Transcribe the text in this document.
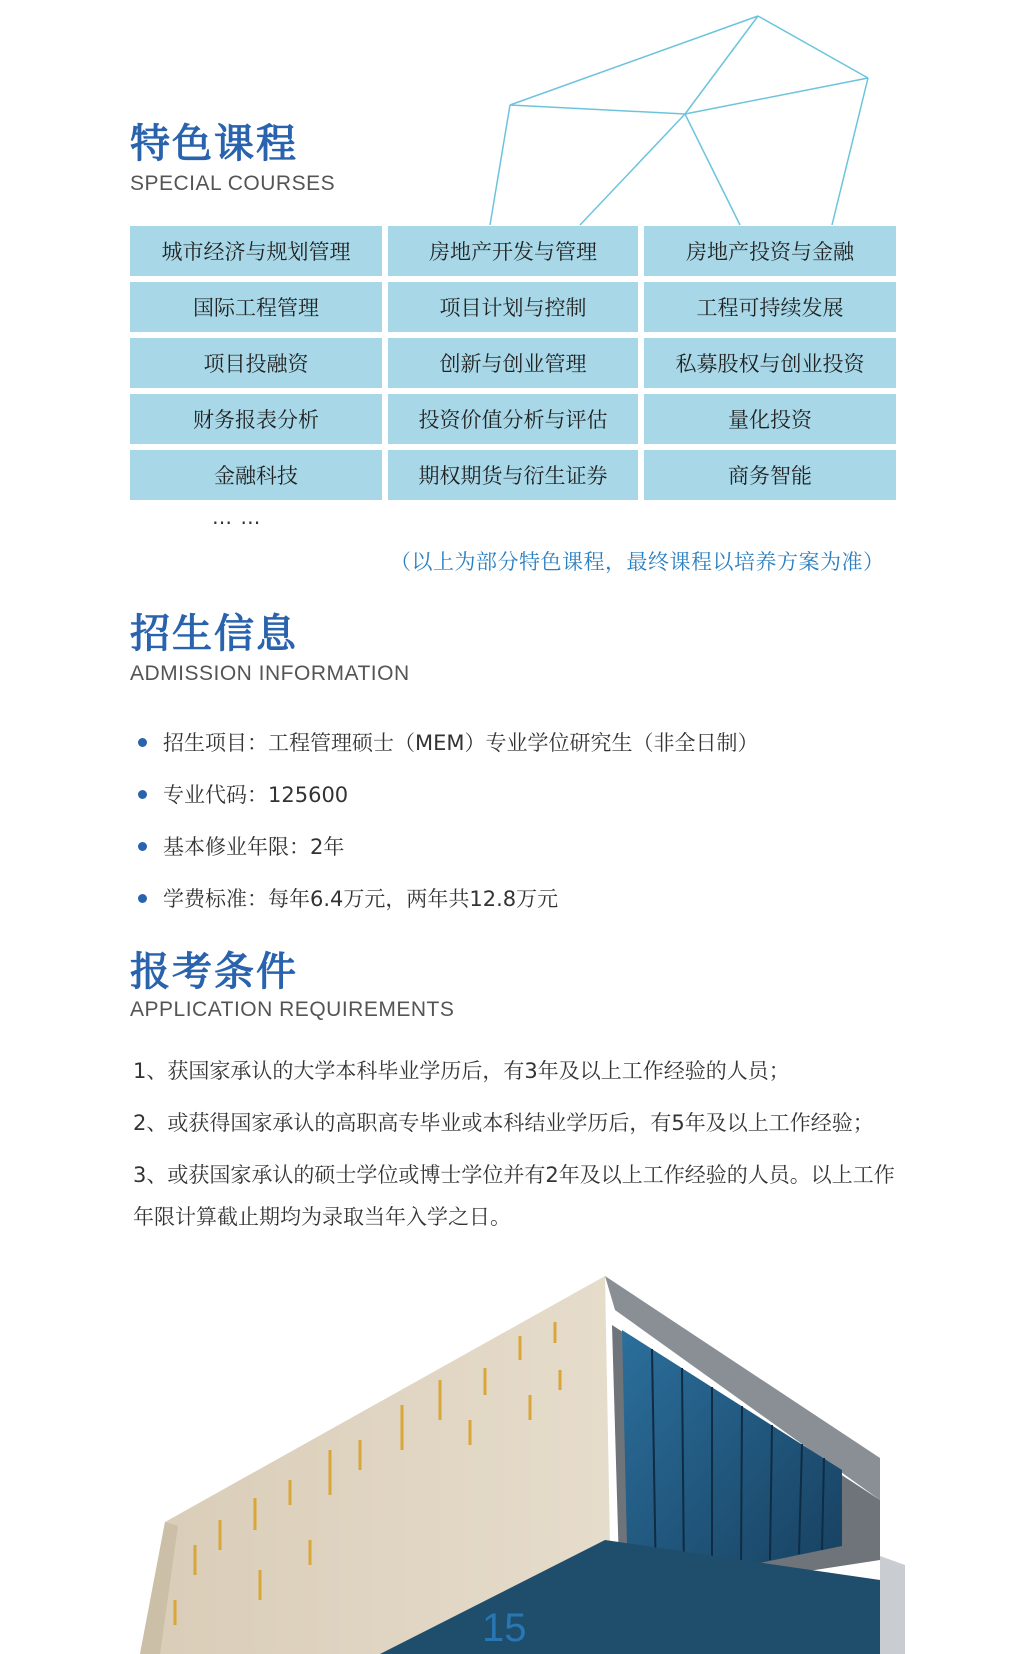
特色课程

SPECIAL COURSES

城市经济与规划管理	房地产开发与管理	房地产投资与金融
国际工程管理	项目计划与控制	工程可持续发展
项目投融资	创新与创业管理	私募股权与创业投资
财务报表分析	投资价值分析与评估	量化投资
金融科技	期权期货与衍生证券	商务智能
… …
（以上为部分特色课程，最终课程以培养方案为准）
招生信息

ADMISSION INFORMATION

招生项目：工程管理硕士（MEM）专业学位研究生（非全日制）
专业代码：125600
基本修业年限：2年
学费标准：每年6.4万元，两年共12.8万元
报考条件

APPLICATION REQUIREMENTS

1、获国家承认的大学本科毕业学历后，有3年及以上工作经验的人员；

2、或获得国家承认的高职高专毕业或本科结业学历后，有5年及以上工作经验；

3、或获国家承认的硕士学位或博士学位并有2年及以上工作经验的人员。以上工作年限计算截止期均为录取当年入学之日。

15
